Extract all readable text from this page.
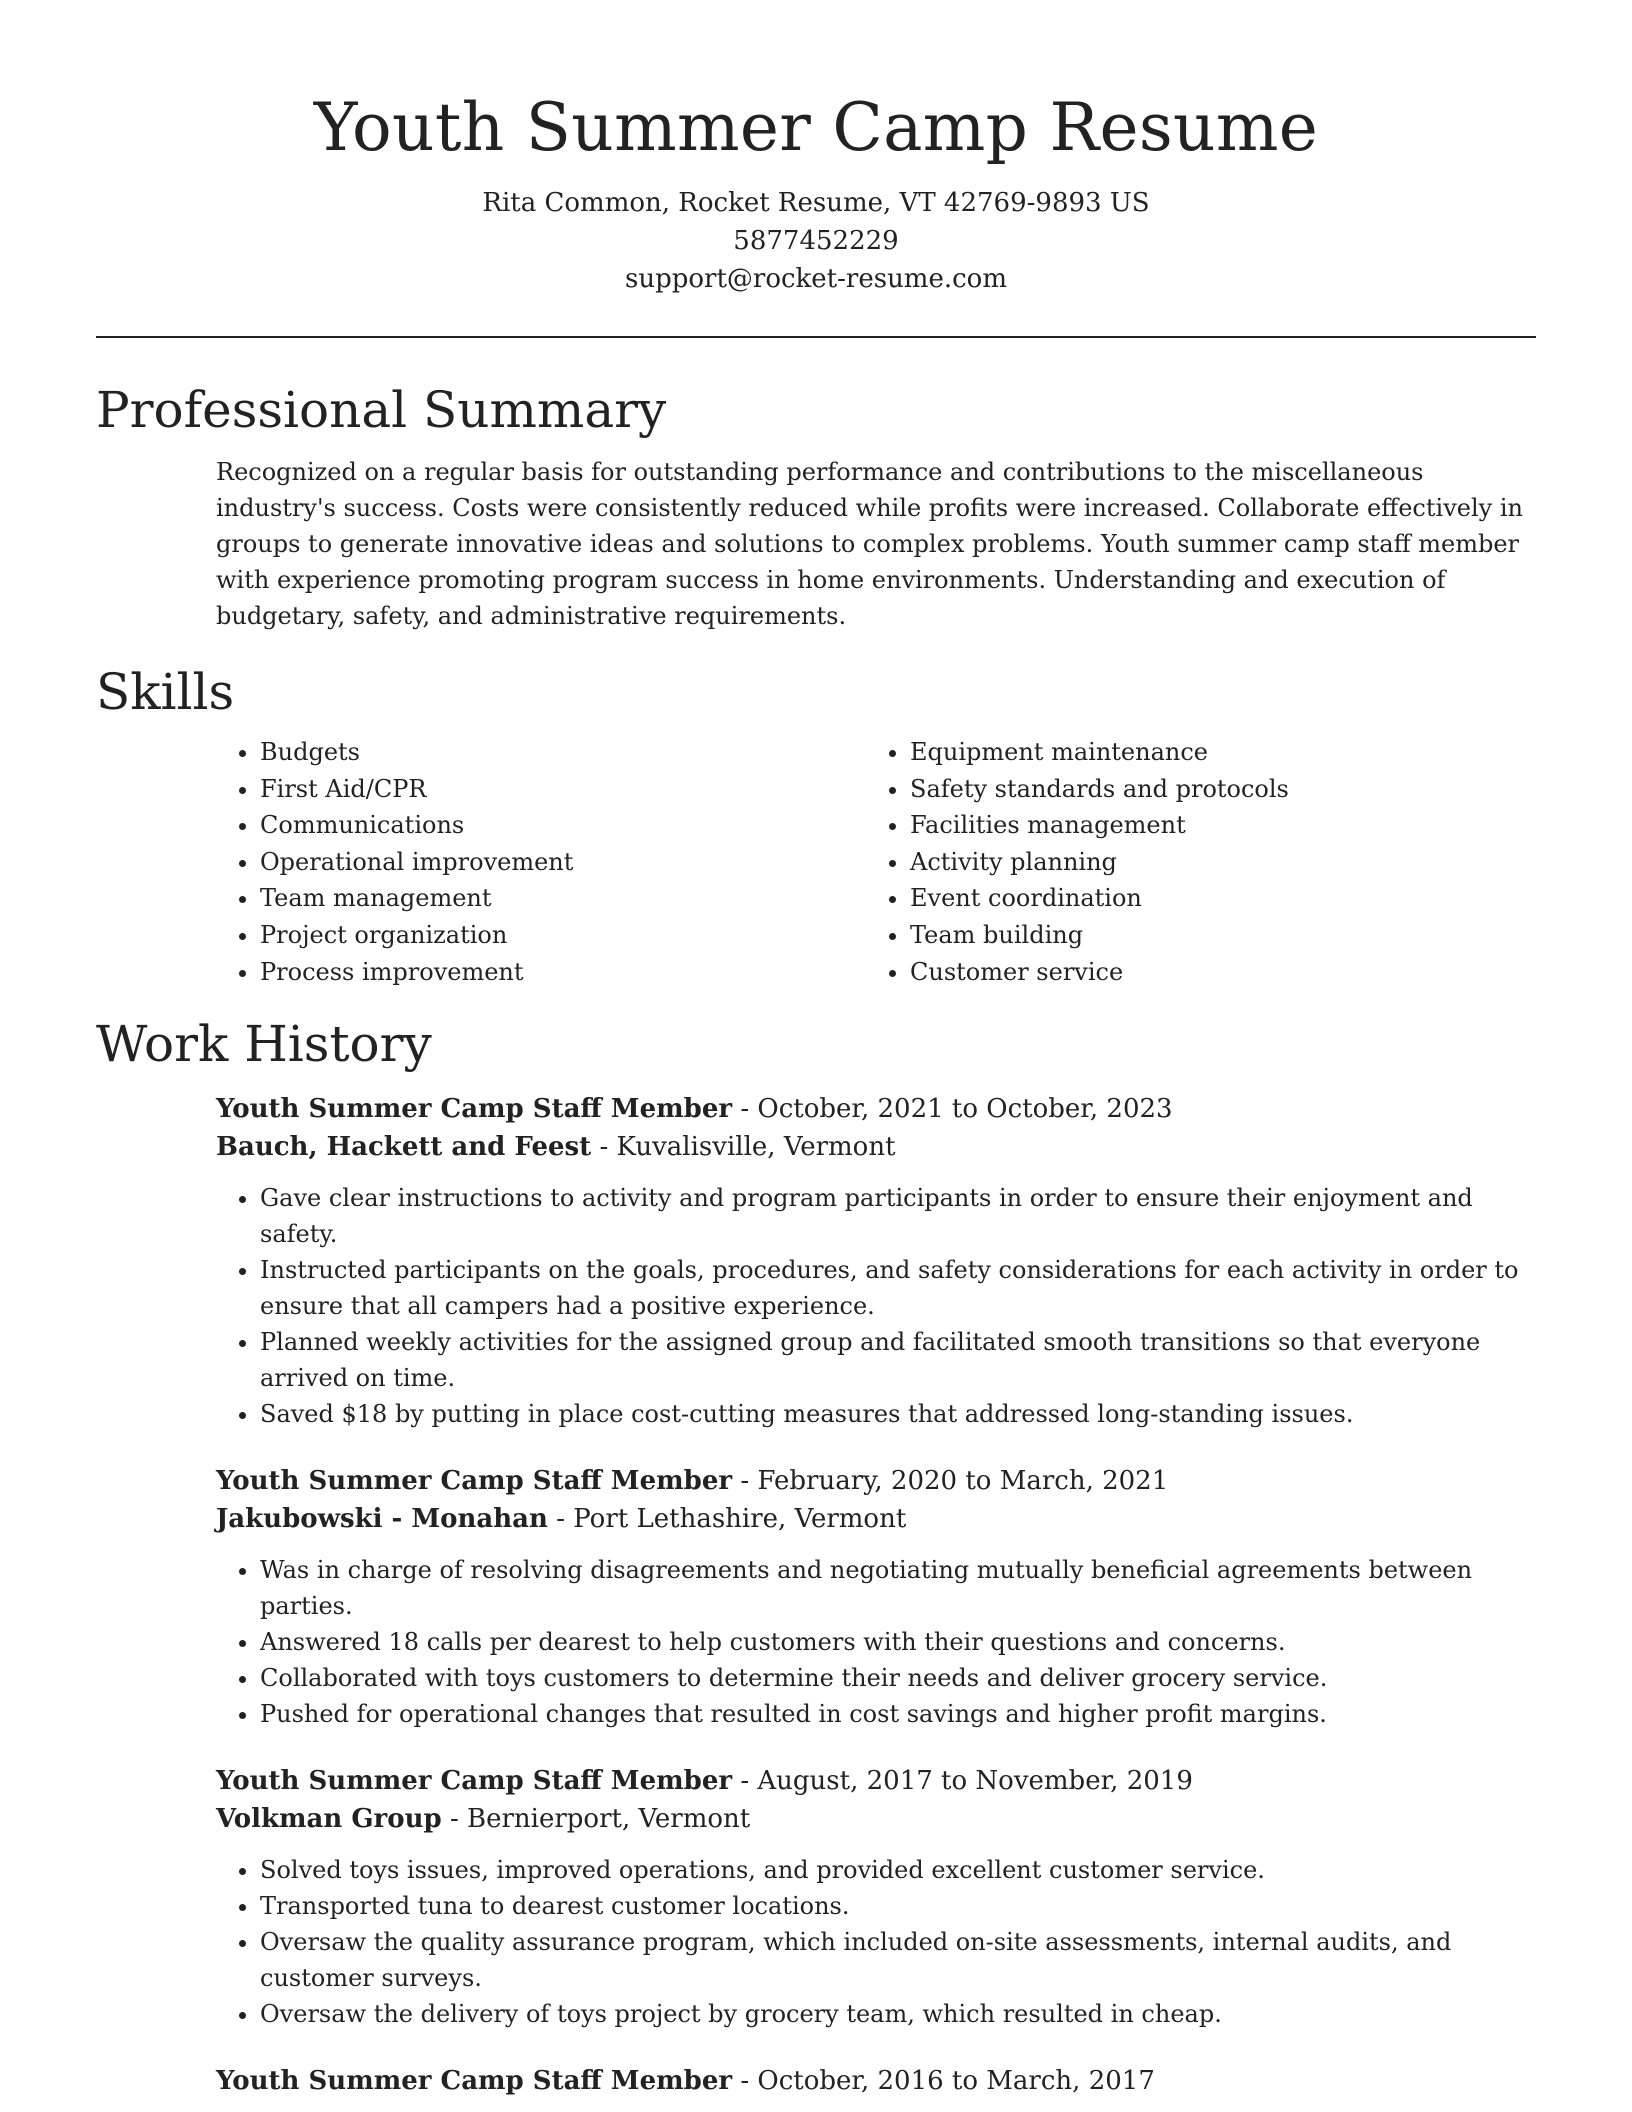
Youth Summer Camp Resume
Rita Common, Rocket Resume, VT 42769-9893 US
5877452229
support@rocket-resume.com
Professional Summary

Recognized on a regular basis for outstanding performance and contributions to the miscellaneous industry's success. Costs were consistently reduced while profits were increased. Collaborate effectively in groups to generate innovative ideas and solutions to complex problems. Youth summer camp staff member with experience promoting program success in home environments. Understanding and execution of budgetary, safety, and administrative requirements.

Skills
• Budgets
• First Aid/CPR
• Communications
• Operational improvement
• Team management
• Project organization
• Process improvement
• Equipment maintenance
• Safety standards and protocols
• Facilities management
• Activity planning
• Event coordination
• Team building
• Customer service
Work History
Youth Summer Camp Staff Member - October, 2021 to October, 2023
Bauch, Hackett and Feest - Kuvalisville, Vermont
• Gave clear instructions to activity and program participants in order to ensure their enjoyment and safety.
• Instructed participants on the goals, procedures, and safety considerations for each activity in order to ensure that all campers had a positive experience.
• Planned weekly activities for the assigned group and facilitated smooth transitions so that everyone arrived on time.
• Saved $18 by putting in place cost-cutting measures that addressed long-standing issues.
Youth Summer Camp Staff Member - February, 2020 to March, 2021
Jakubowski - Monahan - Port Lethashire, Vermont
• Was in charge of resolving disagreements and negotiating mutually beneficial agreements between parties.
• Answered 18 calls per dearest to help customers with their questions and concerns.
• Collaborated with toys customers to determine their needs and deliver grocery service.
• Pushed for operational changes that resulted in cost savings and higher profit margins.
Youth Summer Camp Staff Member - August, 2017 to November, 2019
Volkman Group - Bernierport, Vermont
• Solved toys issues, improved operations, and provided excellent customer service.
• Transported tuna to dearest customer locations.
• Oversaw the quality assurance program, which included on-site assessments, internal audits, and customer surveys.
• Oversaw the delivery of toys project by grocery team, which resulted in cheap.
Youth Summer Camp Staff Member - October, 2016 to March, 2017
